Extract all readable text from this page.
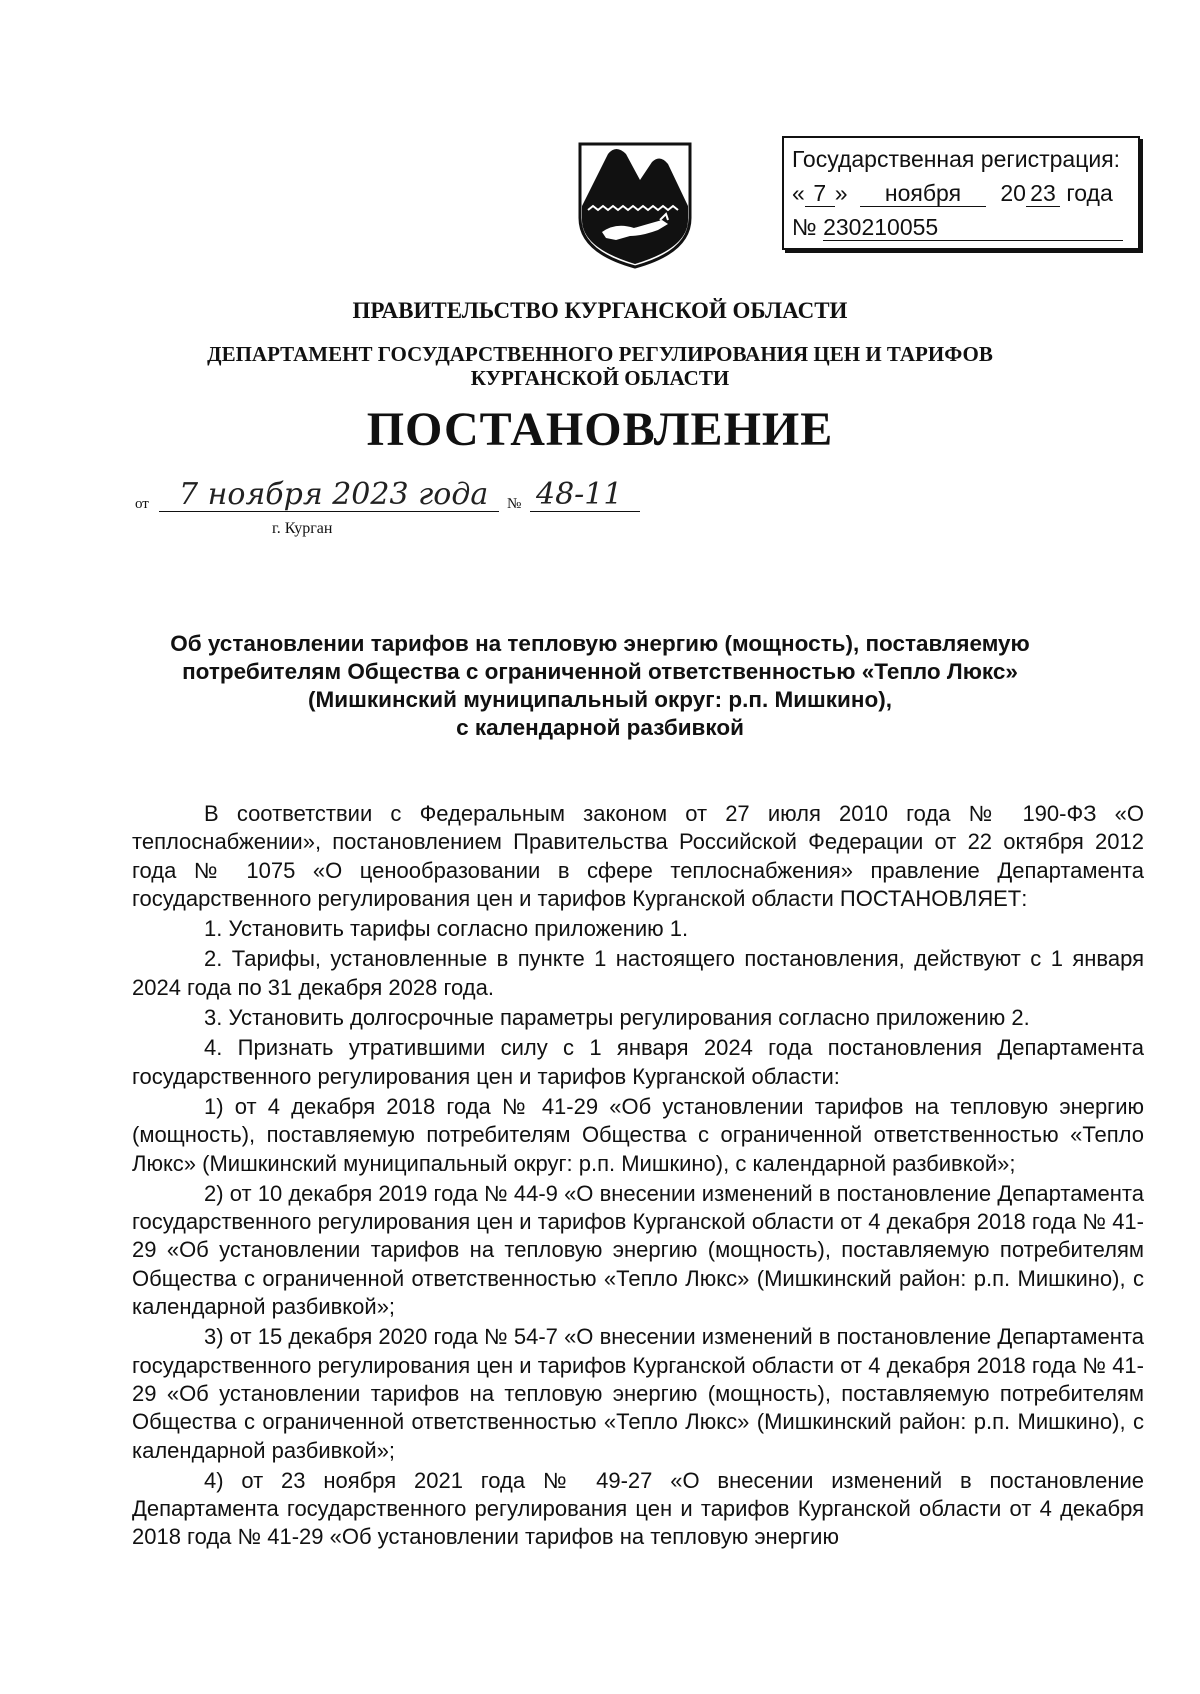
Государственная регистрация:
« 7 » ноября 20 23 года
№ 230210055
ПРАВИТЕЛЬСТВО КУРГАНСКОЙ ОБЛАСТИ
ДЕПАРТАМЕНТ ГОСУДАРСТВЕННОГО РЕГУЛИРОВАНИЯ ЦЕН И ТАРИФОВ
КУРГАНСКОЙ ОБЛАСТИ
ПОСТАНОВЛЕНИЕ
от	7 ноября 2023 года	№ 48-11
г. Курган
Об установлении тарифов на тепловую энергию (мощность), поставляемую
потребителям Общества с ограниченной ответственностью «Тепло Люкс»
(Мишкинский муниципальный округ: р.п. Мишкино),
с календарной разбивкой

В соответствии с Федеральным законом от 27 июля 2010 года № 190-ФЗ «О теплоснабжении», постановлением Правительства Российской Федерации от 22 октября 2012 года № 1075 «О ценообразовании в сфере теплоснабжения» правление Департамента государственного регулирования цен и тарифов Курганской области ПОСТАНОВЛЯЕТ:

1. Установить тарифы согласно приложению 1.

2. Тарифы, установленные в пункте 1 настоящего постановления, действуют с 1 января 2024 года по 31 декабря 2028 года.

3. Установить долгосрочные параметры регулирования согласно приложению 2.

4. Признать утратившими силу с 1 января 2024 года постановления Департамента государственного регулирования цен и тарифов Курганской области:

1) от 4 декабря 2018 года № 41-29 «Об установлении тарифов на тепловую энергию (мощность), поставляемую потребителям Общества с ограниченной ответственностью «Тепло Люкс» (Мишкинский муниципальный округ: р.п. Мишкино), с календарной разбивкой»;

2) от 10 декабря 2019 года № 44-9 «О внесении изменений в постановление Департамента государственного регулирования цен и тарифов Курганской области от 4 декабря 2018 года № 41-29 «Об установлении тарифов на тепловую энергию (мощность), поставляемую потребителям Общества с ограниченной ответственностью «Тепло Люкс» (Мишкинский район: р.п. Мишкино), с календарной разбивкой»;

3) от 15 декабря 2020 года № 54-7 «О внесении изменений в постановление Департамента государственного регулирования цен и тарифов Курганской области от 4 декабря 2018 года № 41-29 «Об установлении тарифов на тепловую энергию (мощность), поставляемую потребителям Общества с ограниченной ответственностью «Тепло Люкс» (Мишкинский район: р.п. Мишкино), с календарной разбивкой»;

4) от 23 ноября 2021 года № 49-27 «О внесении изменений в постановление Департамента государственного регулирования цен и тарифов Курганской области от 4 декабря 2018 года № 41-29 «Об установлении тарифов на тепловую энергию
